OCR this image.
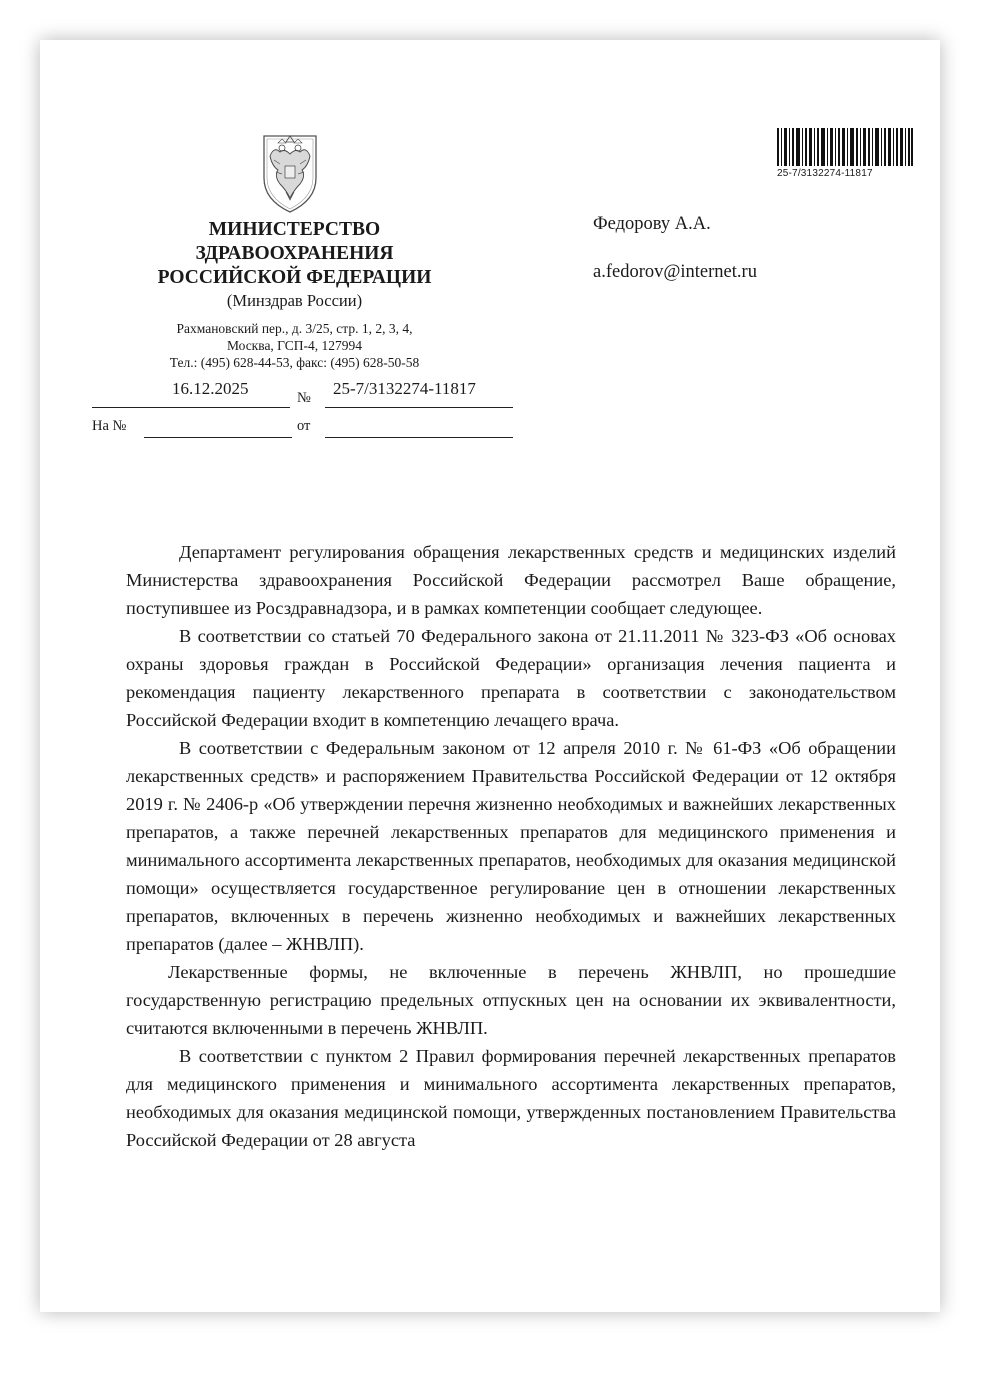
МИНИСТЕРСТВО
ЗДРАВООХРАНЕНИЯ
РОССИЙСКОЙ ФЕДЕРАЦИИ
(Минздрав России)
Рахмановский пер., д. 3/25, стр. 1, 2, 3, 4,
Москва, ГСП-4, 127994
Тел.: (495) 628-44-53, факс: (495) 628-50-58
16.12.2025	№ 25-7/3132274-11817
На №	от
25-7/3132274-11817
Федорову А.А.
a.fedorov@internet.ru

Департамент регулирования обращения лекарственных средств и медицинских изделий Министерства здравоохранения Российской Федерации рассмотрел Ваше обращение, поступившее из Росздравнадзора, и в рамках компетенции сообщает следующее.

В соответствии со статьей 70 Федерального закона от 21.11.2011 № 323-ФЗ «Об основах охраны здоровья граждан в Российской Федерации» организация лечения пациента и рекомендация пациенту лекарственного препарата в соответствии с законодательством Российской Федерации входит в компетенцию лечащего врача.

В соответствии с Федеральным законом от 12 апреля 2010 г. № 61-ФЗ «Об обращении лекарственных средств» и распоряжением Правительства Российской Федерации от 12 октября 2019 г. № 2406-р «Об утверждении перечня жизненно необходимых и важнейших лекарственных препаратов, а также перечней лекарственных препаратов для медицинского применения и минимального ассортимента лекарственных препаратов, необходимых для оказания медицинской помощи» осуществляется государственное регулирование цен в отношении лекарственных препаратов, включенных в перечень жизненно необходимых и важнейших лекарственных препаратов (далее – ЖНВЛП).

Лекарственные формы, не включенные в перечень ЖНВЛП, но прошедшие государственную регистрацию предельных отпускных цен на основании их эквивалентности, считаются включенными в перечень ЖНВЛП.

В соответствии с пунктом 2 Правил формирования перечней лекарственных препаратов для медицинского применения и минимального ассортимента лекарственных препаратов, необходимых для оказания медицинской помощи, утвержденных постановлением Правительства Российской Федерации от 28 августа
